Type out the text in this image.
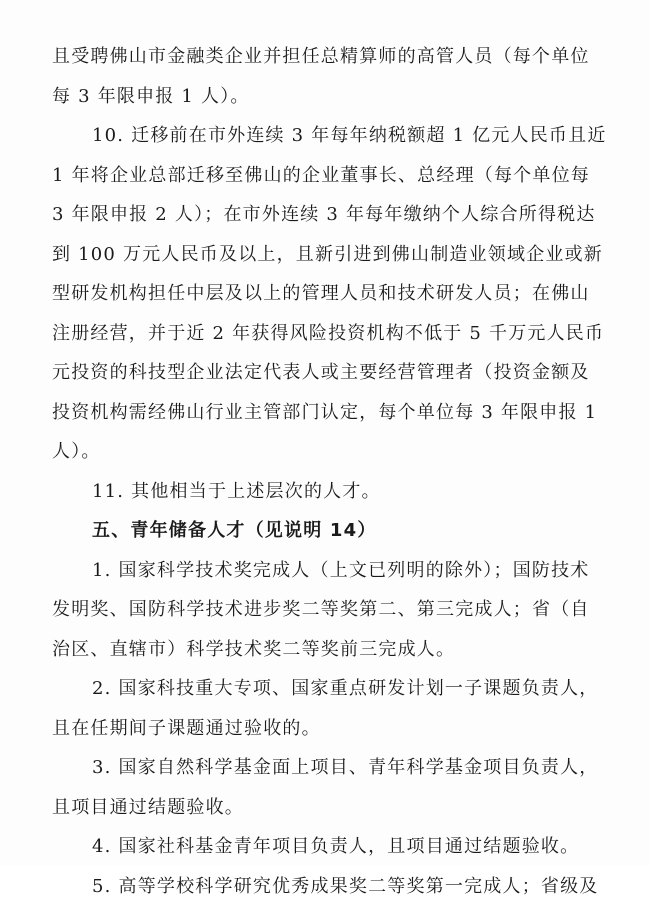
且受聘佛山市金融类企业并担任总精算师的高管人员（每个单位
每 3 年限申报 1 人）。
10. 迁移前在市外连续 3 年每年纳税额超 1 亿元人民币且近
1 年将企业总部迁移至佛山的企业董事长、总经理（每个单位每
3 年限申报 2 人）；在市外连续 3 年每年缴纳个人综合所得税达
到 100 万元人民币及以上，且新引进到佛山制造业领域企业或新
型研发机构担任中层及以上的管理人员和技术研发人员；在佛山
注册经营，并于近 2 年获得风险投资机构不低于 5 千万元人民币
元投资的科技型企业法定代表人或主要经营管理者（投资金额及
投资机构需经佛山行业主管部门认定，每个单位每 3 年限申报 1
人）。
11. 其他相当于上述层次的人才。
五、青年储备人才（见说明 14）
1. 国家科学技术奖完成人（上文已列明的除外）；国防技术
发明奖、国防科学技术进步奖二等奖第二、第三完成人；省（自
治区、直辖市）科学技术奖二等奖前三完成人。
2. 国家科技重大专项、国家重点研发计划一子课题负责人，
且在任期间子课题通过验收的。
3. 国家自然科学基金面上项目、青年科学基金项目负责人，
且项目通过结题验收。
4. 国家社科基金青年项目负责人，且项目通过结题验收。
5. 高等学校科学研究优秀成果奖二等奖第一完成人；省级及
